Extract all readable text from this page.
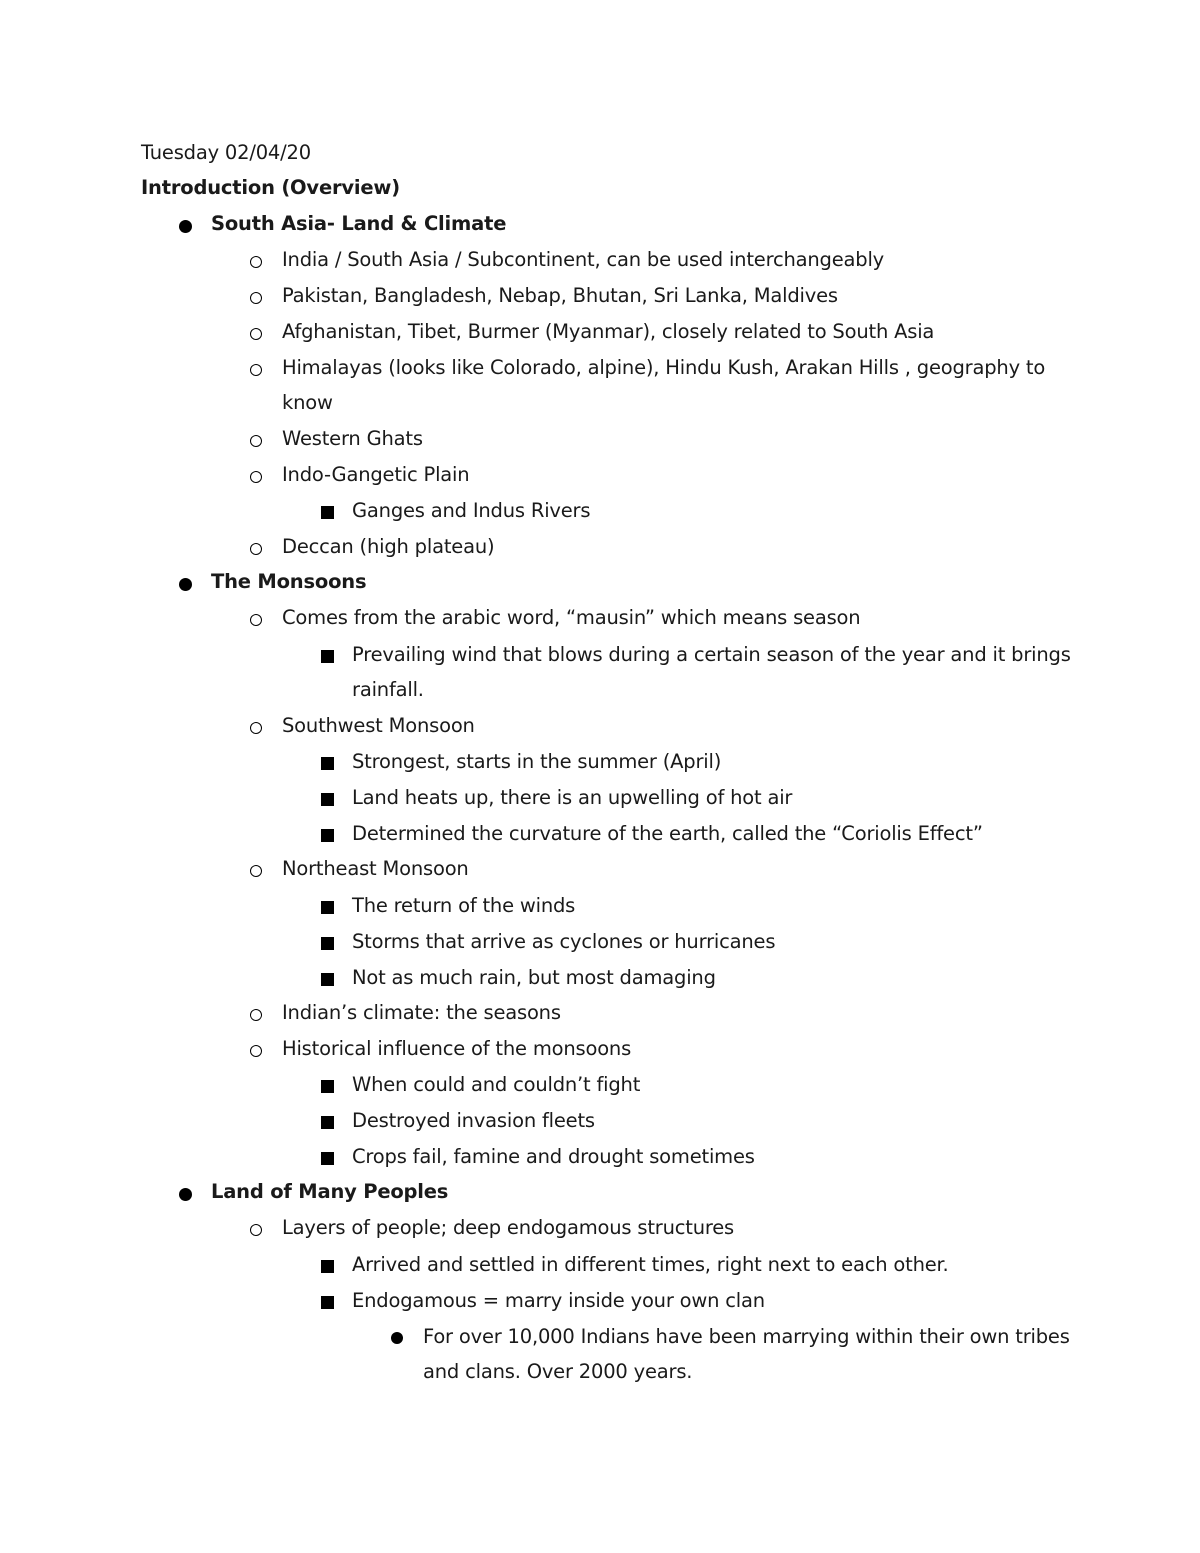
Tuesday 02/04/20
Introduction (Overview)
South Asia- Land & Climate
India / South Asia / Subcontinent, can be used interchangeably
Pakistan, Bangladesh, Nebap, Bhutan, Sri Lanka, Maldives
Afghanistan, Tibet, Burmer (Myanmar), closely related to South Asia
Himalayas (looks like Colorado, alpine), Hindu Kush, Arakan Hills , geography to
know
Western Ghats
Indo-Gangetic Plain
Ganges and Indus Rivers
Deccan (high plateau)
The Monsoons
Comes from the arabic word, “mausin” which means season
Prevailing wind that blows during a certain season of the year and it brings
rainfall.
Southwest Monsoon
Strongest, starts in the summer (April)
Land heats up, there is an upwelling of hot air
Determined the curvature of the earth, called the “Coriolis Effect”
Northeast Monsoon
The return of the winds
Storms that arrive as cyclones or hurricanes
Not as much rain, but most damaging
Indian’s climate: the seasons
Historical influence of the monsoons
When could and couldn’t fight
Destroyed invasion fleets
Crops fail, famine and drought sometimes
Land of Many Peoples
Layers of people; deep endogamous structures
Arrived and settled in different times, right next to each other.
Endogamous = marry inside your own clan
For over 10,000 Indians have been marrying within their own tribes
and clans. Over 2000 years.
